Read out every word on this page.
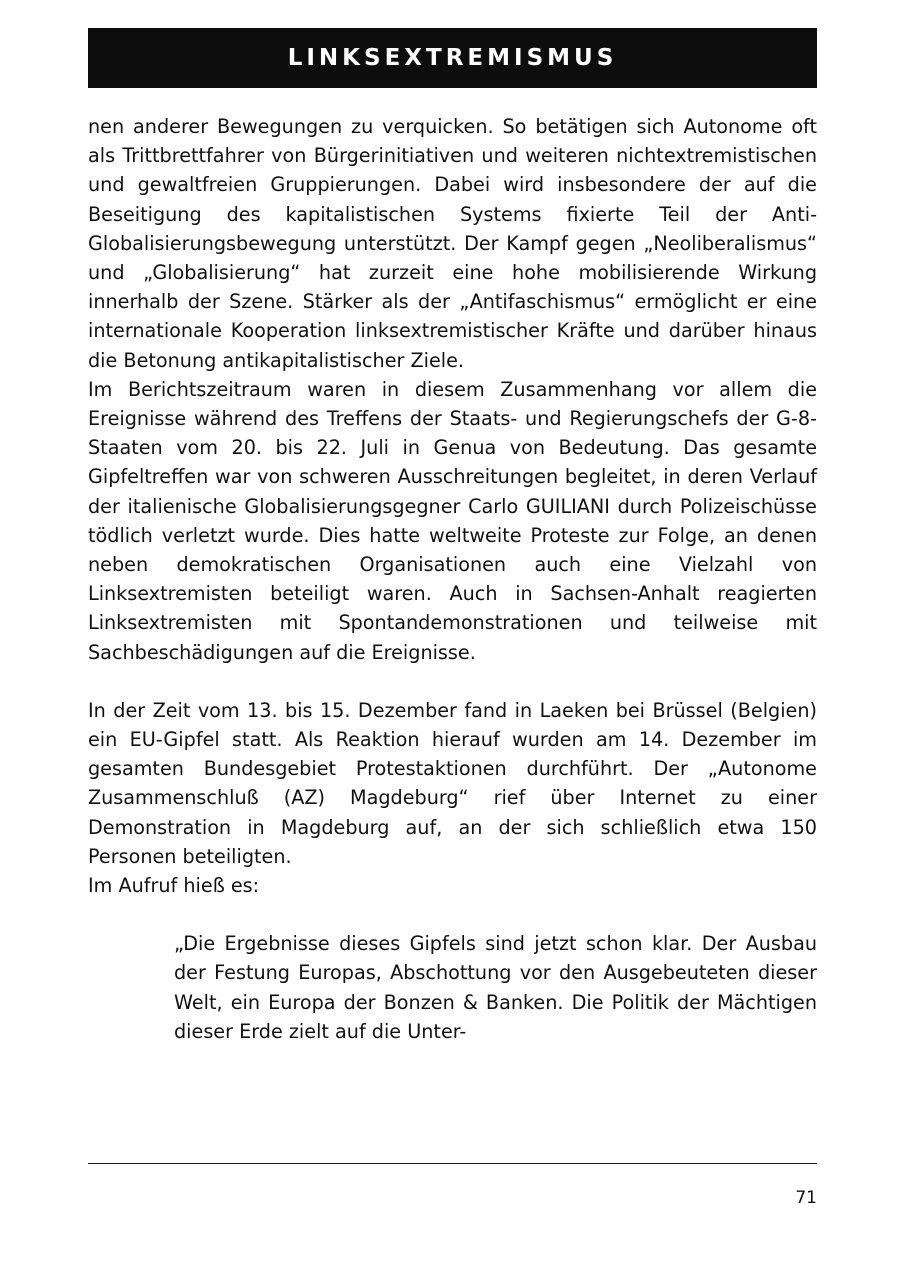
LINKSEXTREMISMUS

nen anderer Bewegungen zu verquicken. So betätigen sich Autonome oft als Trittbrettfahrer von Bürgerinitiativen und weiteren nichtextremistischen und gewaltfreien Gruppierungen. Dabei wird insbesondere der auf die Beseitigung des kapitalistischen Systems fixierte Teil der Anti-Globalisierungsbewegung unterstützt. Der Kampf gegen „Neoliberalismus“ und „Globalisierung“ hat zurzeit eine hohe mobilisierende Wirkung innerhalb der Szene. Stärker als der „Antifaschismus“ ermöglicht er eine internationale Kooperation linksextremistischer Kräfte und darüber hinaus die Betonung antikapitalistischer Ziele.

Im Berichtszeitraum waren in diesem Zusammenhang vor allem die Ereignisse während des Treffens der Staats- und Regierungschefs der G-8-Staaten vom 20. bis 22. Juli in Genua von Bedeutung. Das gesamte Gipfeltreffen war von schweren Ausschreitungen begleitet, in deren Verlauf der italienische Globalisierungsgegner Carlo GUILIANI durch Polizeischüsse tödlich verletzt wurde. Dies hatte weltweite Proteste zur Folge, an denen neben demokratischen Organisationen auch eine Vielzahl von Linksextremisten beteiligt waren. Auch in Sachsen-Anhalt reagierten Linksextremisten mit Spontandemonstrationen und teilweise mit Sachbeschädigungen auf die Ereignisse.

In der Zeit vom 13. bis 15. Dezember fand in Laeken bei Brüssel (Belgien) ein EU-Gipfel statt. Als Reaktion hierauf wurden am 14. Dezember im gesamten Bundesgebiet Protestaktionen durchführt. Der „Autonome Zusammenschluß (AZ) Magdeburg“ rief über Internet zu einer Demonstration in Magdeburg auf, an der sich schließlich etwa 150 Personen beteiligten.

Im Aufruf hieß es:

„Die Ergebnisse dieses Gipfels sind jetzt schon klar. Der Ausbau der Festung Europas, Abschottung vor den Ausgebeuteten dieser Welt, ein Europa der Bonzen & Banken. Die Politik der Mächtigen dieser Erde zielt auf die Unter-

71
